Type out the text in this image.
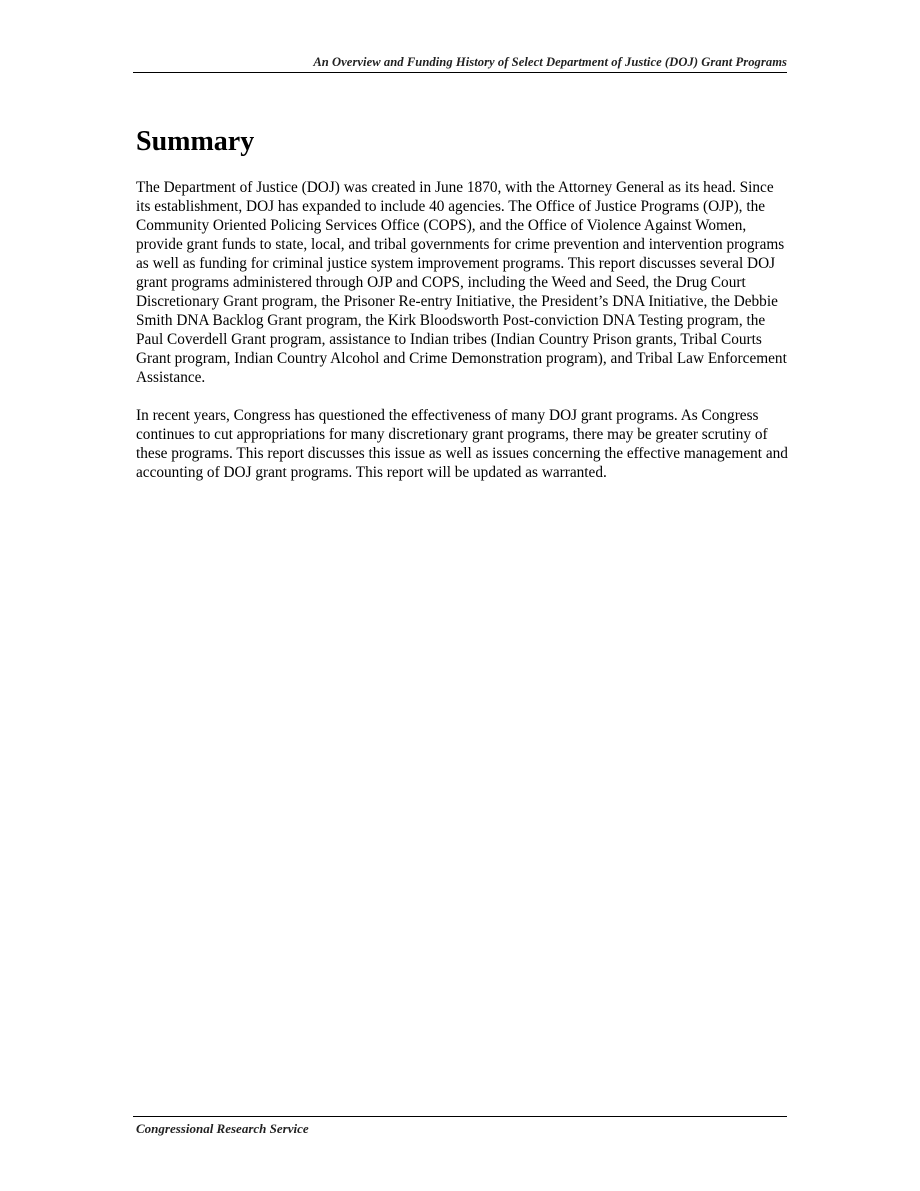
An Overview and Funding History of Select Department of Justice (DOJ) Grant Programs
Summary

The Department of Justice (DOJ) was created in June 1870, with the Attorney General as its head. Since its establishment, DOJ has expanded to include 40 agencies. The Office of Justice Programs (OJP), the Community Oriented Policing Services Office (COPS), and the Office of Violence Against Women, provide grant funds to state, local, and tribal governments for crime prevention and intervention programs as well as funding for criminal justice system improvement programs. This report discusses several DOJ grant programs administered through OJP and COPS, including the Weed and Seed, the Drug Court Discretionary Grant program, the Prisoner Re-entry Initiative, the President’s DNA Initiative, the Debbie Smith DNA Backlog Grant program, the Kirk Bloodsworth Post-conviction DNA Testing program, the Paul Coverdell Grant program, assistance to Indian tribes (Indian Country Prison grants, Tribal Courts Grant program, Indian Country Alcohol and Crime Demonstration program), and Tribal Law Enforcement Assistance.

In recent years, Congress has questioned the effectiveness of many DOJ grant programs. As Congress continues to cut appropriations for many discretionary grant programs, there may be greater scrutiny of these programs. This report discusses this issue as well as issues concerning the effective management and accounting of DOJ grant programs. This report will be updated as warranted.

Congressional Research Service
